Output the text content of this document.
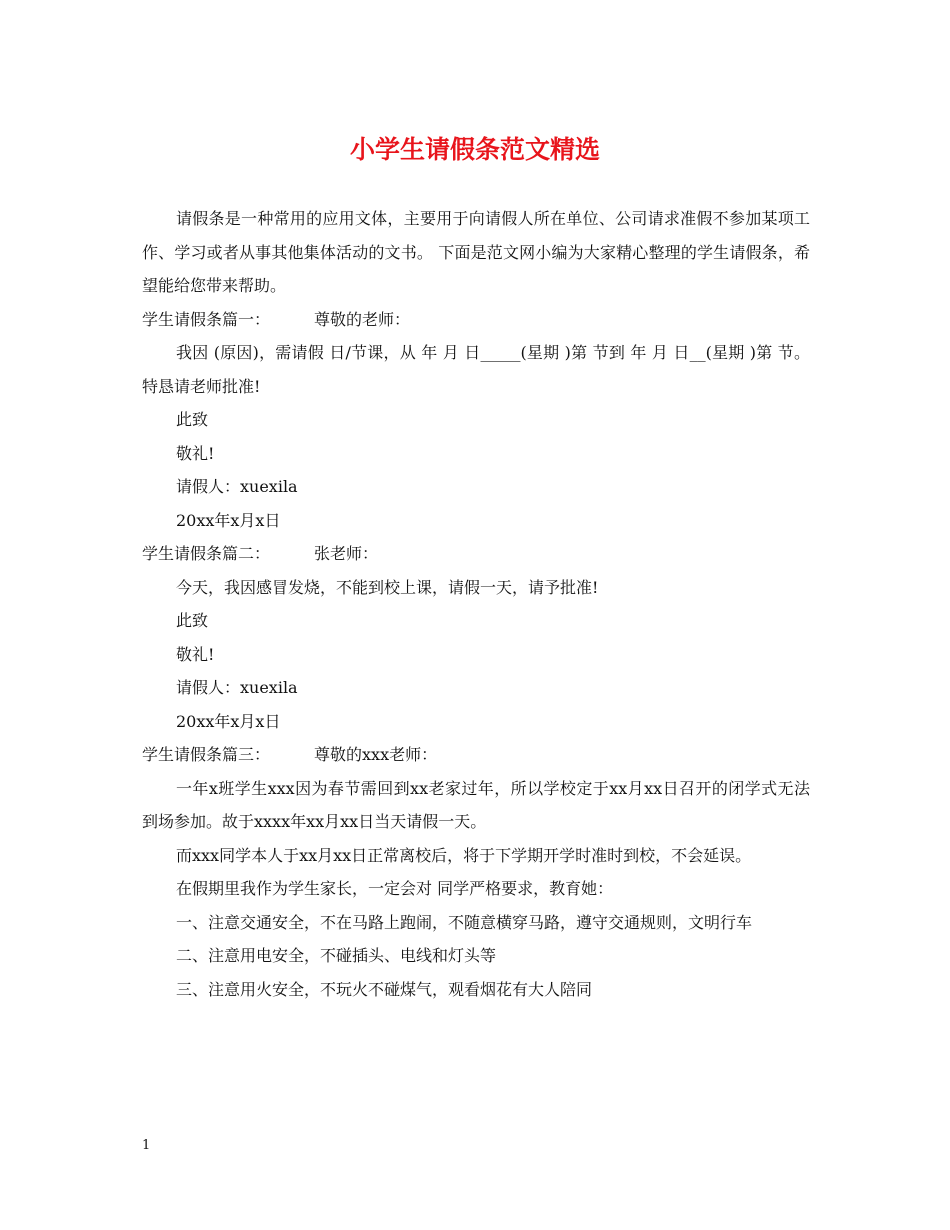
小学生请假条范文精选

请假条是一种常用的应用文体，主要用于向请假人所在单位、公司请求准假不参加某项工作、学习或者从事其他集体活动的文书。 下面是范文网小编为大家精心整理的学生请假条，希望能给您带来帮助。

学生请假条篇一：	尊敬的老师：

我因 (原因)，需请假 日/节课，从 年 月 日_____(星期 )第 节到 年 月 日__(星期 )第 节。特恳请老师批准!

此致

敬礼!

请假人：xuexila

20xx年x月x日

学生请假条篇二：	张老师：

今天，我因感冒发烧，不能到校上课，请假一天，请予批准!

此致

敬礼!

请假人：xuexila

20xx年x月x日

学生请假条篇三：	尊敬的xxx老师：

一年x班学生xxx因为春节需回到xx老家过年，所以学校定于xx月xx日召开的闭学式无法到场参加。故于xxxx年xx月xx日当天请假一天。

而xxx同学本人于xx月xx日正常离校后，将于下学期开学时准时到校，不会延误。

在假期里我作为学生家长，一定会对 同学严格要求，教育她：

一、注意交通安全，不在马路上跑闹，不随意横穿马路，遵守交通规则，文明行车

二、注意用电安全，不碰插头、电线和灯头等

三、注意用火安全，不玩火不碰煤气，观看烟花有大人陪同

1
